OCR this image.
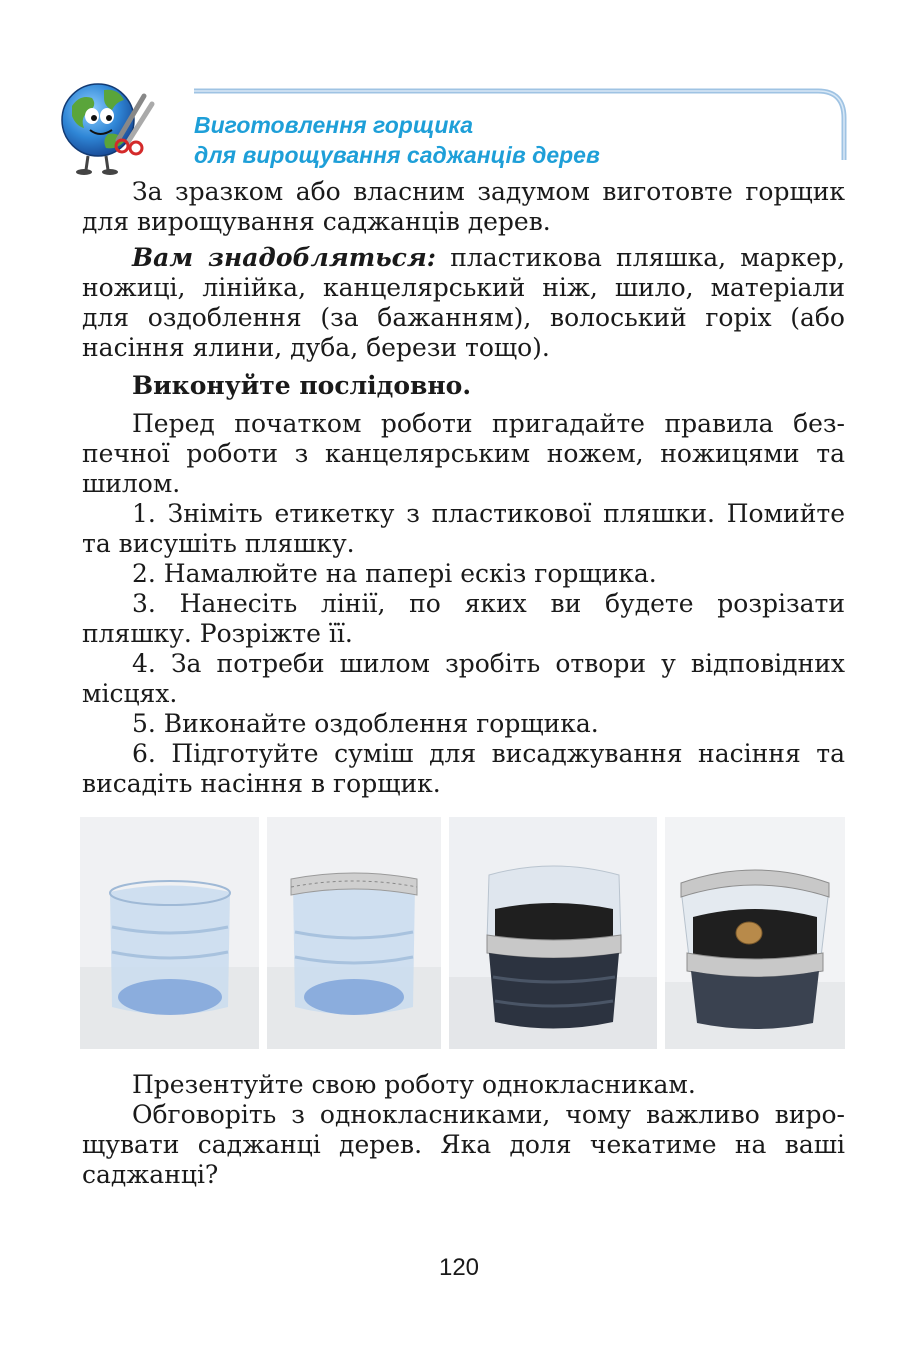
Виготовлення горщика
для вирощування саджанців дерев

За зразком або власним задумом виготовте горщик для вирощування саджанців дерев.

Вам знадобляться: пластикова пляшка, маркер, ножиці, лінійка, канцелярський ніж, шило, матеріали для оздоблення (за бажанням), волоський горіх (або насіння ялини, дуба, берези тощо).

Виконуйте послідовно.

Перед початком роботи пригадайте правила безпечної роботи з канцелярським ножем, ножицями та шилом.

1. Зніміть етикетку з пластикової пляшки. Помийте та висушіть пляшку.

2. Намалюйте на папері ескіз горщика.

3. Нанесіть лінії, по яких ви будете розрізати пляшку. Розріжте її.

4. За потреби шилом зробіть отвори у відповідних місцях.

5. Виконайте оздоблення горщика.

6. Підготуйте суміш для висаджування насіння та висадіть насіння в горщик.

Презентуйте свою роботу однокласникам.

Обговоріть з однокласниками, чому важливо вирощувати саджанці дерев. Яка доля чекатиме на ваші саджанці?

120
